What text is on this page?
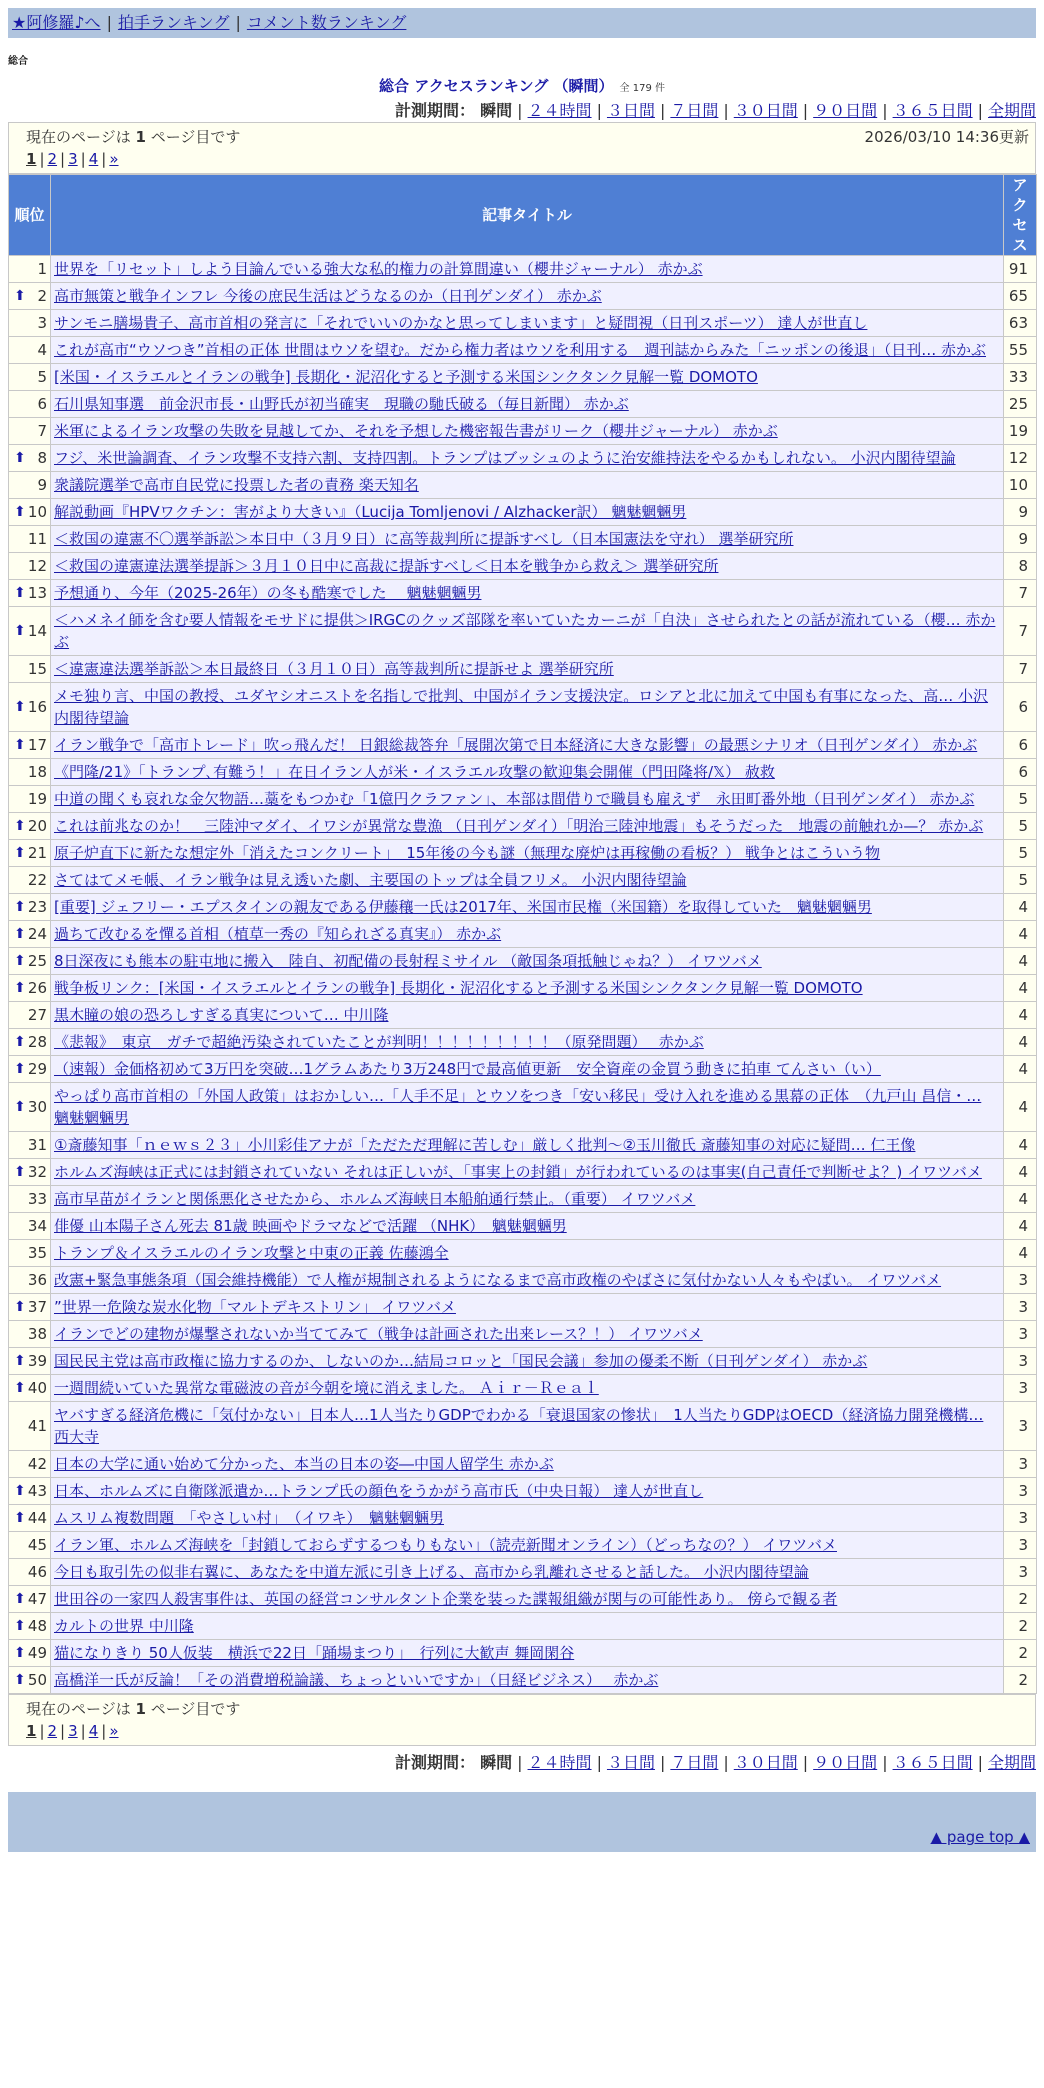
★阿修羅♪へ | 拍手ランキング | コメント数ランキング
総合
総合 アクセスランキング （瞬間） 全 179 件
計測期間： 瞬間 | ２４時間 | ３日間 | ７日間 | ３０日間 | ９０日間 | ３６５日間 | 全期間
現在のページは 1 ページ目です	2026/03/10 14:36更新
1 | 2 | 3 | 4 | »
順位	記事タイトル	アクセス
1	世界を「リセット」しよう目論んでいる強大な私的権力の計算間違い（櫻井ジャーナル） 赤かぶ	91

⬆ 2	高市無策と戦争インフレ 今後の庶民生活はどうなるのか（日刊ゲンダイ） 赤かぶ	65
3	サンモニ膳場貴子、高市首相の発言に「それでいいのかなと思ってしまいます」と疑問視（日刊スポーツ） 達人が世直し	63
4	これが高市“ウソつき”首相の正体 世間はウソを望む。だから権力者はウソを利用する　週刊誌からみた「ニッポンの後退」（日刊… 赤かぶ	55
5	[米国・イスラエルとイランの戦争] 長期化・泥沼化すると予測する米国シンクタンク見解一覧 DOMOTO	33
6	石川県知事選　前金沢市長・山野氏が初当確実　現職の馳氏破る（毎日新聞） 赤かぶ	25
7	米軍によるイラン攻撃の失敗を見越してか、それを予想した機密報告書がリーク（櫻井ジャーナル） 赤かぶ	19

⬆ 8	フジ、米世論調査、イラン攻撃不支持六割、支持四割。トランプはブッシュのように治安維持法をやるかもしれない。 小沢内閣待望論	12
9	衆議院選挙で高市自民党に投票した者の責務 楽天知名	10

⬆ 10	解説動画『HPVワクチン：害がより大きい』（Lucija Tomljenovi / Alzhacker訳） 魑魅魍魎男	9
11	＜救国の違憲不〇選挙訴訟＞本日中（３月９日）に高等裁判所に提訴すべし（日本国憲法を守れ） 選挙研究所	9
12	＜救国の違憲違法選挙提訴＞３月１０日中に高裁に提訴すべし＜日本を戦争から救え＞ 選挙研究所	8

⬆ 13	予想通り、今年（2025-26年）の冬も酷寒でした　 魑魅魍魎男	7

⬆ 14	＜ハメネイ師を含む要人情報をモサドに提供＞IRGCのクッズ部隊を率いていたカーニが「自決」させられたとの話が流れている（櫻… 赤かぶ	7
15	＜違憲違法選挙訴訟＞本日最終日（３月１０日）高等裁判所に提訴せよ 選挙研究所	7

⬆ 16	メモ独り言、中国の教授、ユダヤシオニストを名指しで批判、中国がイラン支援決定。ロシアと北に加えて中国も有事になった、高… 小沢内閣待望論	6

⬆ 17	イラン戦争で「高市トレード」吹っ飛んだ！ 日銀総裁答弁「展開次第で日本経済に大きな影響」の最悪シナリオ（日刊ゲンダイ） 赤かぶ	6
18	《門隆/21》「トランプ､有難う！」在日イラン人が米・イスラエル攻撃の歓迎集会開催（門田隆将/𝕏） 赦救	6
19	中道の聞くも哀れな金欠物語…藁をもつかむ「1億円クラファン」、本部は間借りで職員も雇えず　永田町番外地（日刊ゲンダイ） 赤かぶ	5

⬆ 20	これは前兆なのか！　三陸沖マダイ、イワシが異常な豊漁 （日刊ゲンダイ）「明治三陸沖地震」もそうだった　地震の前触れか—？ 赤かぶ	5

⬆ 21	原子炉直下に新たな想定外「消えたコンクリート」　15年後の今も謎（無理な廃炉は再稼働の看板？） 戦争とはこういう物	5
22	さてはてメモ帳、イラン戦争は見え透いた劇、主要国のトップは全員フリメ。 小沢内閣待望論	5

⬆ 23	[重要] ジェフリー・エプスタインの親友である伊藤穰一氏は2017年、米国市民権（米国籍）を取得していた　魑魅魍魎男	4

⬆ 24	過ちて改むるを憚る首相（植草一秀の『知られざる真実』） 赤かぶ	4

⬆ 25	8日深夜にも熊本の駐屯地に搬入　陸自、初配備の長射程ミサイル （敵国条項抵触じゃね？） イワツバメ	4

⬆ 26	戦争板リンク：[米国・イスラエルとイランの戦争] 長期化・泥沼化すると予測する米国シンクタンク見解一覧 DOMOTO	4
27	黒木瞳の娘の恐ろしすぎる真実について… 中川隆	4

⬆ 28	《悲報》　東京　ガチで超絶汚染されていたことが判明！！！！！！！！！（原発問題）　 赤かぶ	4

⬆ 29	（速報）金価格初めて3万円を突破…1グラムあたり3万248円で最高値更新　安全資産の金買う動きに拍車 てんさい（い）	4

⬆ 30	やっぱり高市首相の「外国人政策」はおかしい…「人手不足」とウソをつき「安い移民」受け入れを進める黒幕の正体　（九戸山 昌信・… 魑魅魍魎男	4
31	①斎藤知事「ｎｅｗｓ２３」小川彩佳アナが「ただただ理解に苦しむ」厳しく批判〜②玉川徹氏 斎藤知事の対応に疑問… 仁王像	4

⬆ 32	ホルムズ海峡は正式には封鎖されていない それは正しいが、「事実上の封鎖」が行われているのは事実(自己責任で判断せよ？) イワツバメ	4
33	高市早苗がイランと関係悪化させたから、ホルムズ海峡日本船舶通行禁止。（重要） イワツバメ	4
34	俳優 山本陽子さん死去 81歳 映画やドラマなどで活躍 （NHK）　魑魅魍魎男	4
35	トランプ＆イスラエルのイラン攻撃と中東の正義 佐藤鴻全	4
36	改憲+緊急事態条項（国会維持機能）で人権が規制されるようになるまで高市政権のやばさに気付かない人々もやばい。 イワツバメ	3

⬆ 37	”世界一危険な炭水化物「マルトデキストリン」 イワツバメ	3
38	イランでどの建物が爆撃されないか当ててみて（戦争は計画された出来レース？！） イワツバメ	3

⬆ 39	国民民主党は高市政権に協力するのか、しないのか…結局コロッと「国民会議」参加の優柔不断（日刊ゲンダイ） 赤かぶ	3

⬆ 40	一週間続いていた異常な電磁波の音が今朝を境に消えました。 Ａｉｒ－Ｒｅａｌ	3
41	ヤバすぎる経済危機に「気付かない」日本人…1人当たりGDPでわかる「衰退国家の惨状」　1人当たりGDPはOECD（経済協力開発機構… 西大寺	3
42	日本の大学に通い始めて分かった、本当の日本の姿―中国人留学生 赤かぶ	3

⬆ 43	日本、ホルムズに自衛隊派遣か…トランプ氏の顔色をうかがう高市氏（中央日報） 達人が世直し	3

⬆ 44	ムスリム複数問題　「やさしい村」　（イワキ）　魑魅魍魎男	3
45	イラン軍、ホルムズ海峡を「封鎖しておらずするつもりもない」（読売新聞オンライン）（どっちなの？） イワツバメ	3
46	今日も取引先の似非右翼に、あなたを中道左派に引き上げる、高市から乳離れさせると話した。 小沢内閣待望論	3

⬆ 47	世田谷の一家四人殺害事件は、英国の経営コンサルタント企業を装った諜報組織が関与の可能性あり。 傍らで観る者	2

⬆ 48	カルトの世界 中川隆	2

⬆ 49	猫になりきり 50人仮装　横浜で22日「踊場まつり」　行列に大歓声 舞岡閑谷	2

⬆ 50	高橋洋一氏が反論！「その消費増税論議、ちょっといいですか」（日経ビジネス）　 赤かぶ	2
現在のページは 1 ページ目です
1 | 2 | 3 | 4 | »
計測期間： 瞬間 | ２４時間 | ３日間 | ７日間 | ３０日間 | ９０日間 | ３６５日間 | 全期間
▲ page top ▲
